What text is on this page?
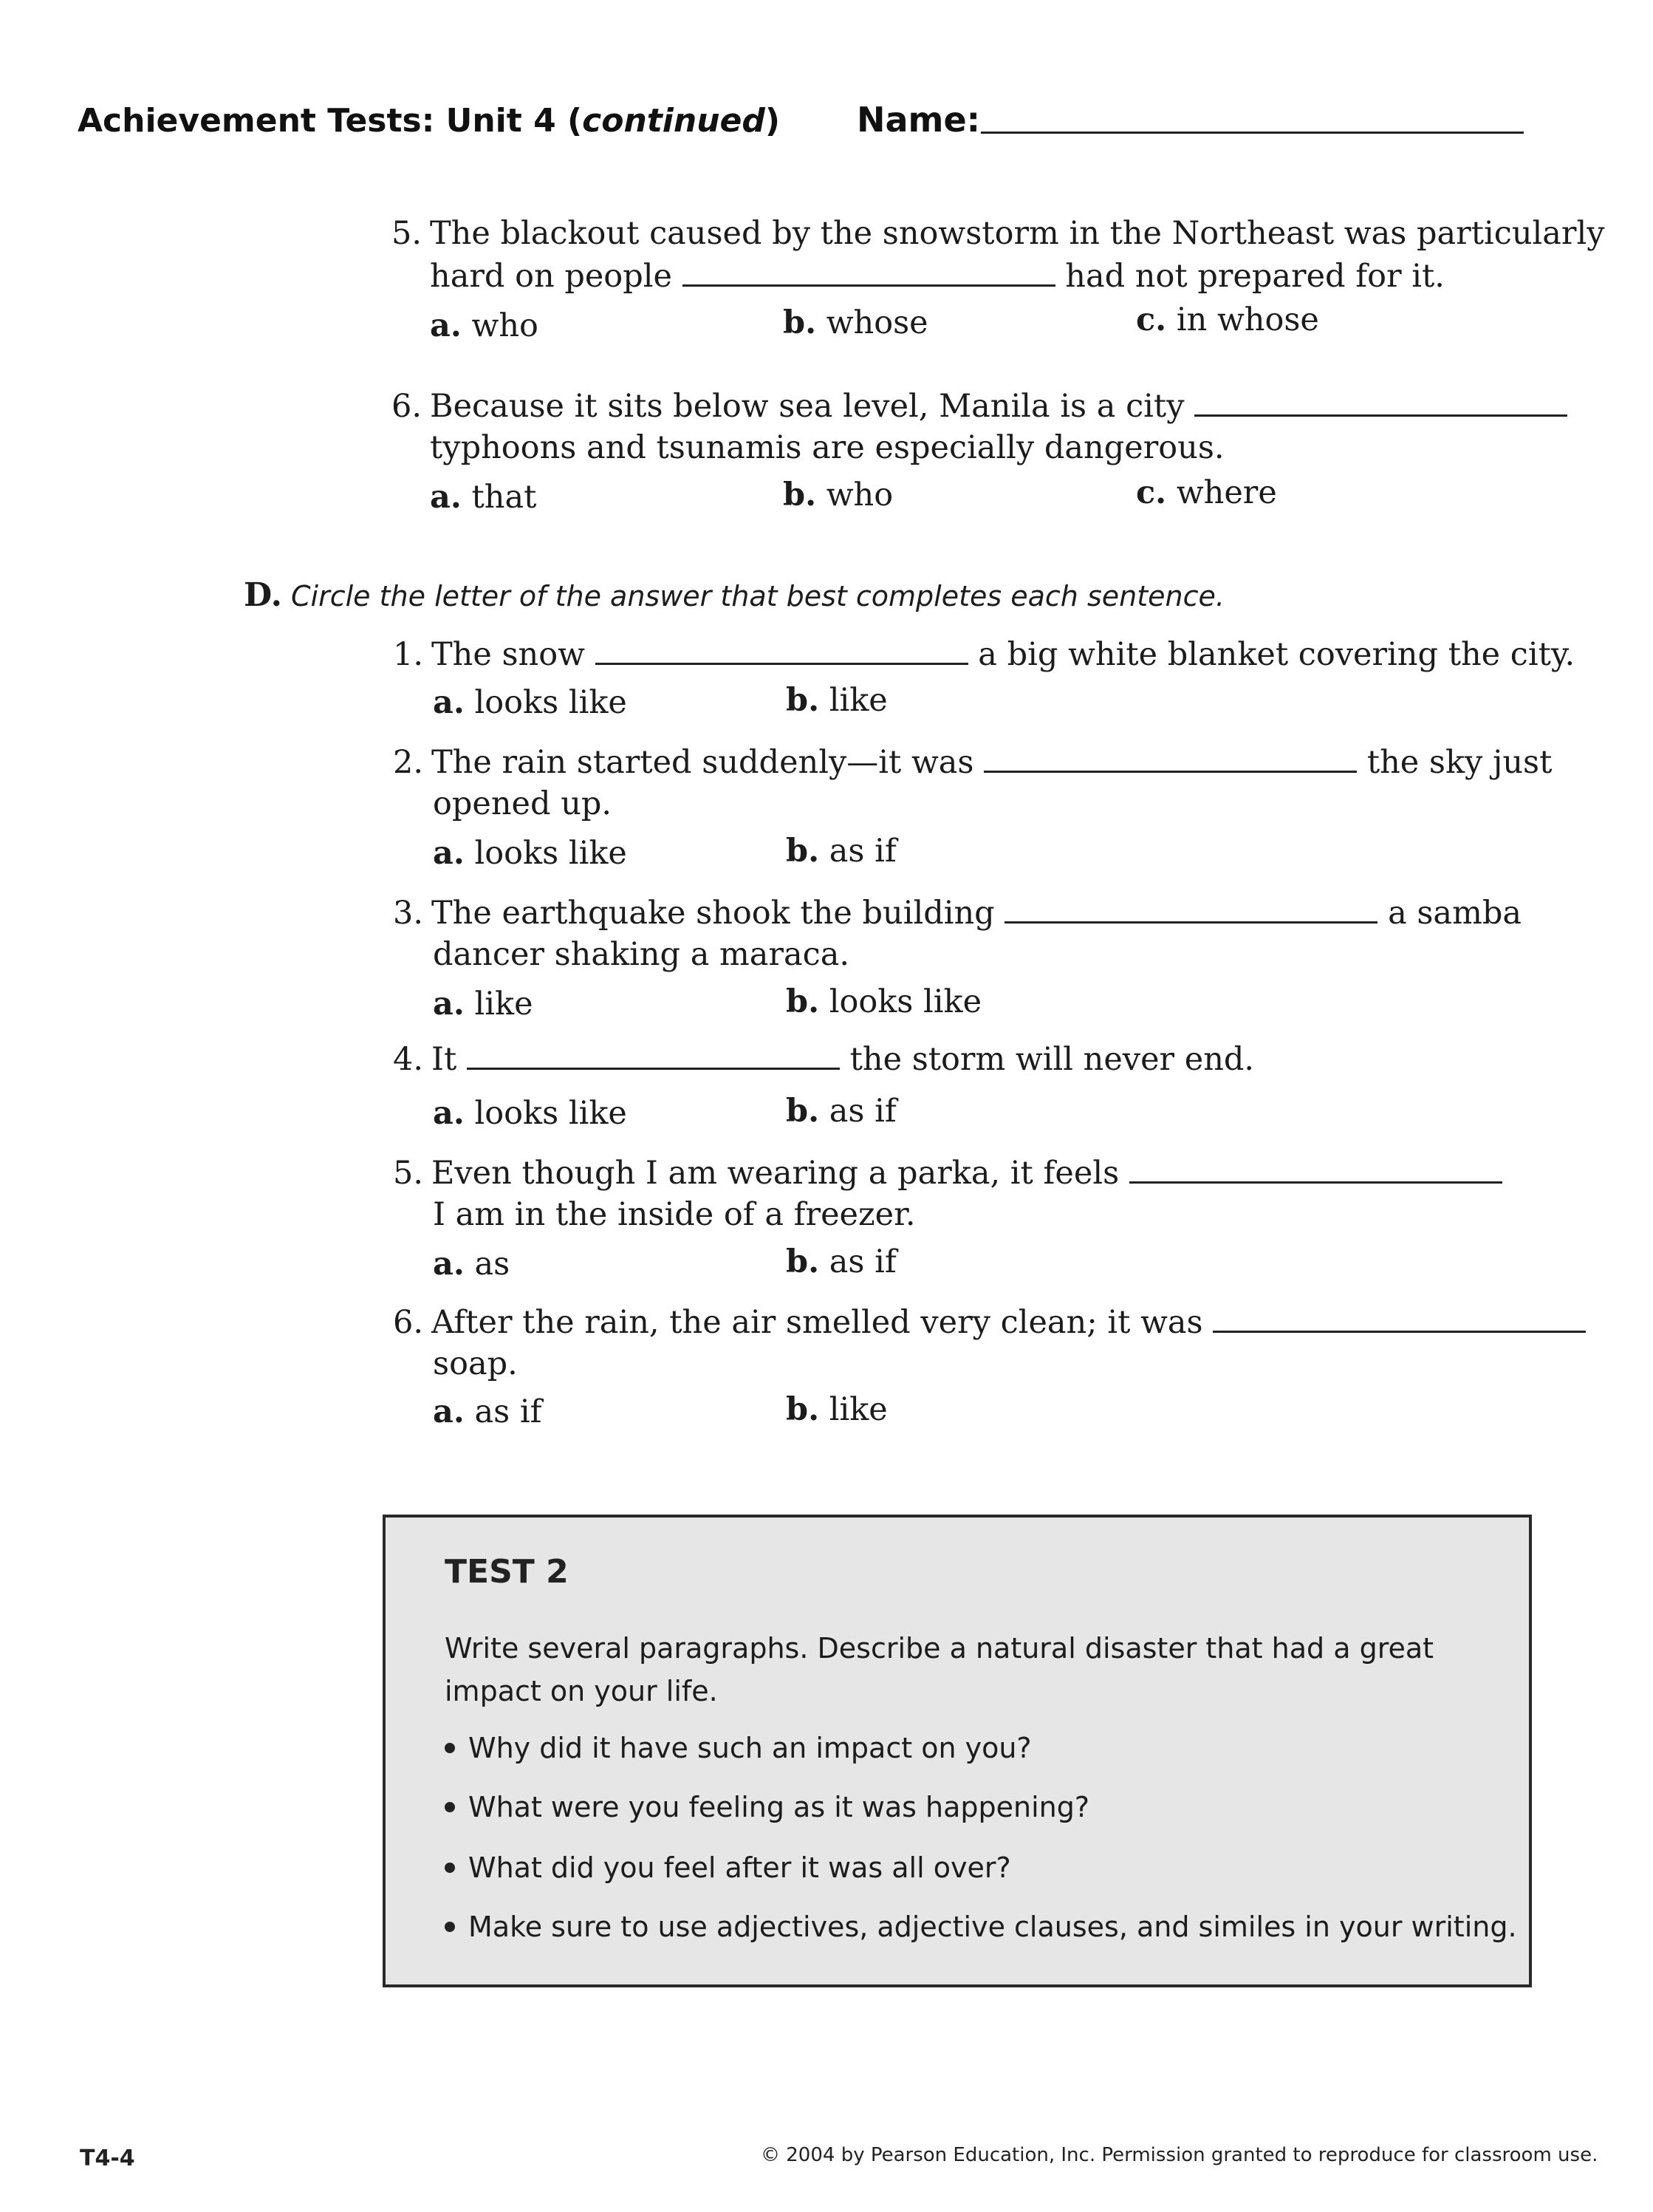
Achievement Tests: Unit 4 (continued) Name:
5. The blackout caused by the snowstorm in the Northeast was particularly
hard on people	had not prepared for it.
a. who	b. whose	c. in whose
6. Because it sits below sea level, Manila is a city
typhoons and tsunamis are especially dangerous.
a. that	b. who	c. where
D. Circle the letter of the answer that best completes each sentence.
1. The snow	a big white blanket covering the city.
a. looks like	b. like
2. The rain started suddenly—it was	the sky just
opened up.
a. looks like	b. as if
3. The earthquake shook the building	a samba
dancer shaking a maraca.
a. like	b. looks like
4. It	the storm will never end.
a. looks like	b. as if
5. Even though I am wearing a parka, it feels
I am in the inside of a freezer.
a. as	b. as if
6. After the rain, the air smelled very clean; it was
soap.
a. as if	b. like
TEST 2
Write several paragraphs. Describe a natural disaster that had a great impact on your life.
Why did it have such an impact on you?
What were you feeling as it was happening?
What did you feel after it was all over?
Make sure to use adjectives, adjective clauses, and similes in your writing.
T4-4	© 2004 by Pearson Education, Inc. Permission granted to reproduce for classroom use.
